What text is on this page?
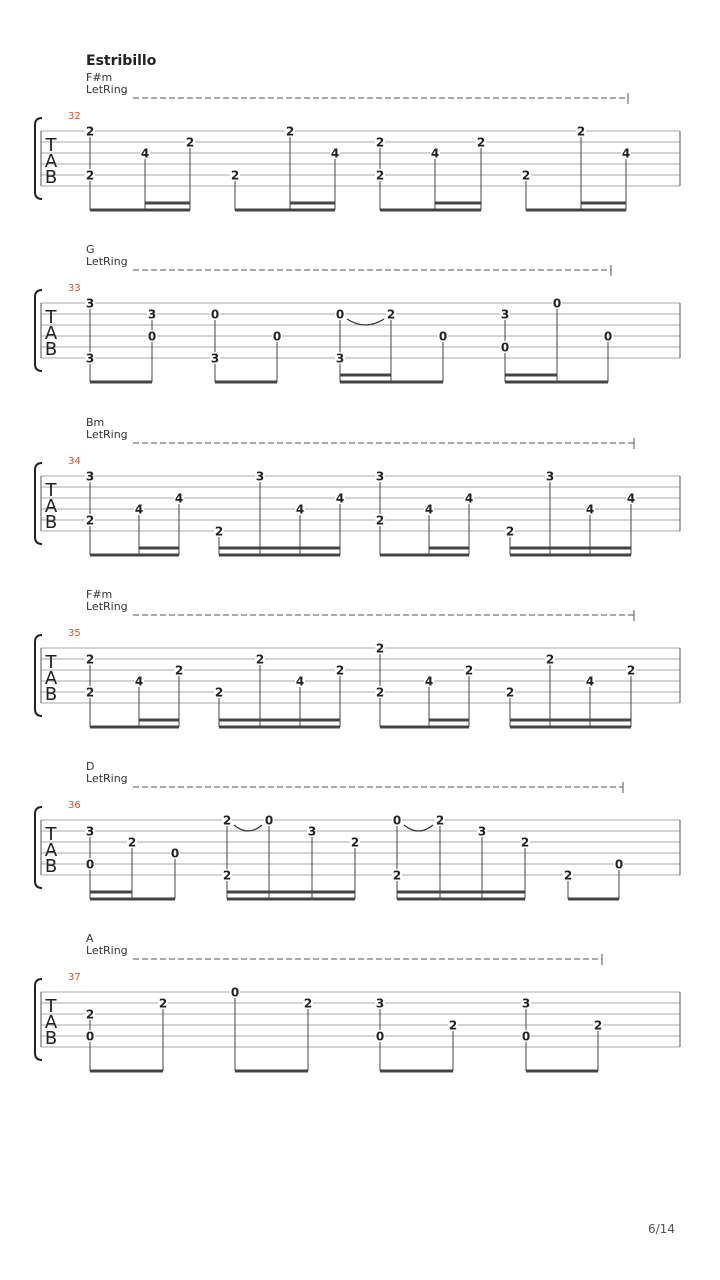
Estribillo
F#m
LetRing
32
T
A
B
2
2
4
2
2
2
4
2
2
4
2
2
2
4
G
LetRing
33
T
A
B
3
3
3
0
0
3
0
0
3
2
0
3
0
0
0
Bm
LetRing
34
T
A
B
3
2
4
4
2
3
4
4
3
2
4
4
2
3
4
4
F#m
LetRing
35
T
A
B
2
2
4
2
2
2
4
2
2
2
4
2
2
2
4
2
D
LetRing
36
T
A
B
3
0
2
0
2
2
0
3
2
0
2
2
3
2
2
0
A
LetRing
37
T
A
B
2
0
2
0
2	3
0
2
3
0
2
6/14
